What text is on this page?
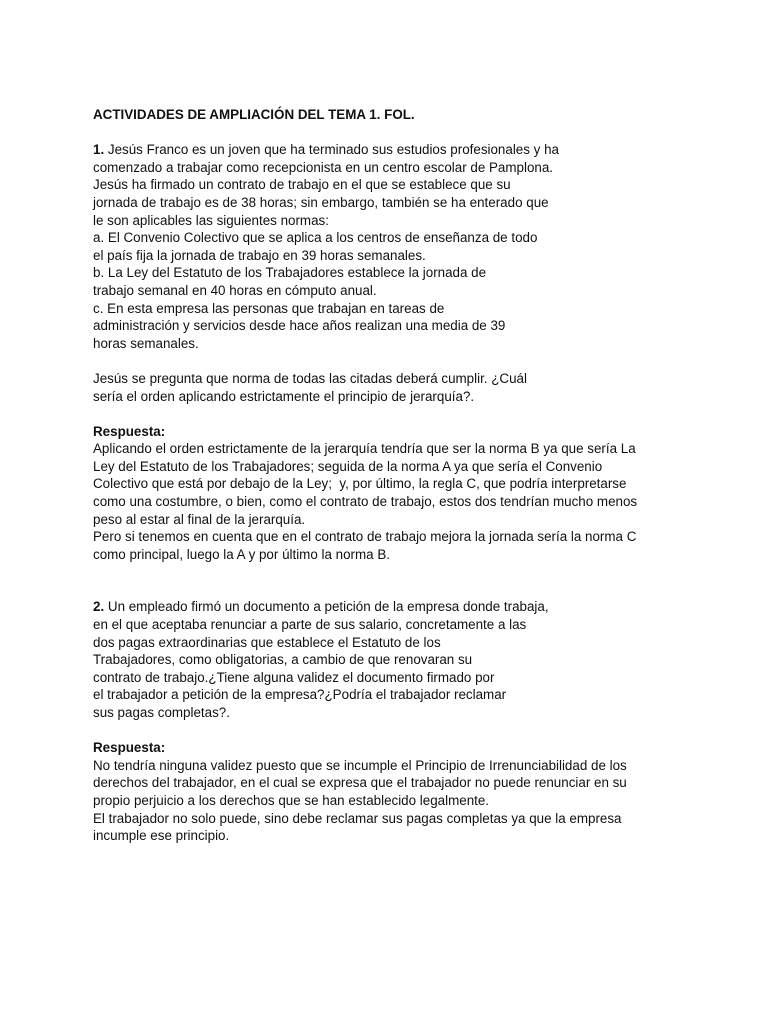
ACTIVIDADES DE AMPLIACIÓN DEL TEMA 1. FOL.
1. Jesús Franco es un joven que ha terminado sus estudios profesionales y ha
comenzado a trabajar como recepcionista en un centro escolar de Pamplona.
Jesús ha firmado un contrato de trabajo en el que se establece que su
jornada de trabajo es de 38 horas; sin embargo, también se ha enterado que
le son aplicables las siguientes normas:
a. El Convenio Colectivo que se aplica a los centros de enseñanza de todo
el país fija la jornada de trabajo en 39 horas semanales.
b. La Ley del Estatuto de los Trabajadores establece la jornada de
trabajo semanal en 40 horas en cómputo anual.
c. En esta empresa las personas que trabajan en tareas de
administración y servicios desde hace años realizan una media de 39
horas semanales.
Jesús se pregunta que norma de todas las citadas deberá cumplir. ¿Cuál
sería el orden aplicando estrictamente el principio de jerarquía?.
Respuesta:
Aplicando el orden estrictamente de la jerarquía tendría que ser la norma B ya que sería La
Ley del Estatuto de los Trabajadores; seguida de la norma A ya que sería el Convenio
Colectivo que está por debajo de la Ley;  y, por último, la regla C, que podría interpretarse
como una costumbre, o bien, como el contrato de trabajo, estos dos tendrían mucho menos
peso al estar al final de la jerarquía.
Pero si tenemos en cuenta que en el contrato de trabajo mejora la jornada sería la norma C
como principal, luego la A y por último la norma B.
2. Un empleado firmó un documento a petición de la empresa donde trabaja,
en el que aceptaba renunciar a parte de sus salario, concretamente a las
dos pagas extraordinarias que establece el Estatuto de los
Trabajadores, como obligatorias, a cambio de que renovaran su
contrato de trabajo.¿Tiene alguna validez el documento firmado por
el trabajador a petición de la empresa?¿Podría el trabajador reclamar
sus pagas completas?.
Respuesta:
No tendría ninguna validez puesto que se incumple el Principio de Irrenunciabilidad de los
derechos del trabajador, en el cual se expresa que el trabajador no puede renunciar en su
propio perjuicio a los derechos que se han establecido legalmente.
El trabajador no solo puede, sino debe reclamar sus pagas completas ya que la empresa
incumple ese principio.
